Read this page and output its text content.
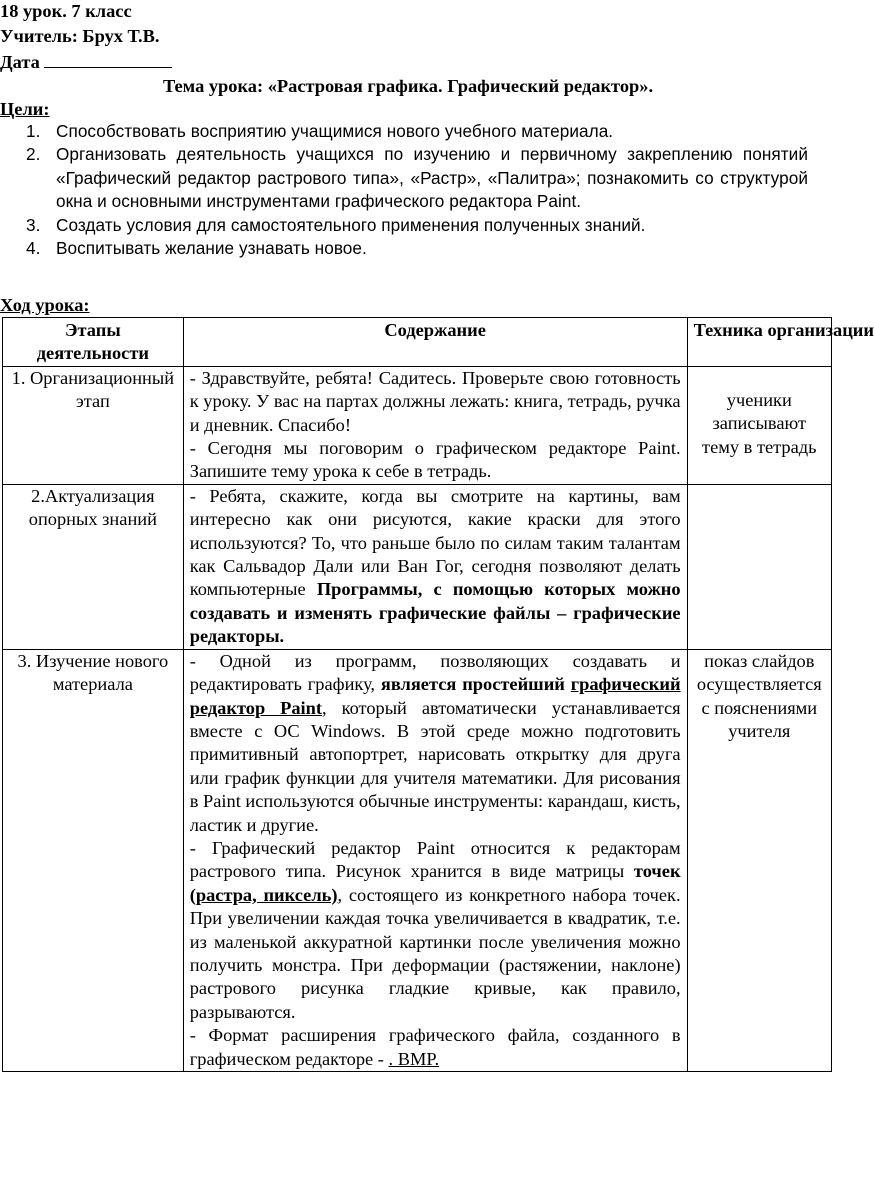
18 урок. 7 класс
Учитель: Брух Т.В.
Дата
Тема урока: «Растровая графика. Графический редактор».
Цели:
1. Способствовать восприятию учащимися нового учебного материала.
2. Организовать деятельность учащихся по изучению и первичному закреплению понятий «Графический редактор растрового типа», «Растр», «Палитра»; познакомить со структурой окна и основными инструментами графического редактора Paint.
3. Создать условия для самостоятельного применения полученных знаний.
4. Воспитывать желание узнавать новое.
Ход урока:
Этапы деятельности	Содержание	Техника организации
1. Организационный этап	- Здравствуйте, ребята! Садитесь. Проверьте свою готовность к уроку. У вас на партах должны лежать: книга, тетрадь, ручка и дневник. Спасибо!

- Сегодня мы поговорим о графическом редакторе Paint. Запишите тему урока к себе в тетрадь.	ученики записывают тему в тетрадь
2.Актуализация опорных знаний	- Ребята, скажите, когда вы смотрите на картины, вам интересно как они рисуются, какие краски для этого используются? То, что раньше было по силам таким талантам как Сальвадор Дали или Ван Гог, сегодня позволяют делать компьютерные Программы, с помощью которых можно создавать и изменять графические файлы – графические редакторы.	

3. Изучение нового материала	- Одной из программ, позволяющих создавать и редактировать графику, является простейший графический редактор Paint, который автоматически устанавливается вместе с ОС Windows. В этой среде можно подготовить примитивный автопортрет, нарисовать открытку для друга или график функции для учителя математики. Для рисования в Paint используются обычные инструменты: карандаш, кисть, ластик и другие.

- Графический редактор Paint относится к редакторам растрового типа. Рисунок хранится в виде матрицы точек (растра, пиксель), состоящего из конкретного набора точек. При увеличении каждая точка увеличивается в квадратик, т.е. из маленькой аккуратной картинки после увеличения можно получить монстра. При деформации (растяжении, наклоне) растрового рисунка гладкие кривые, как правило, разрываются.

- Формат расширения графического файла, созданного в графическом редакторе - . BMP.	показ слайдов осуществляется с пояснениями учителя
